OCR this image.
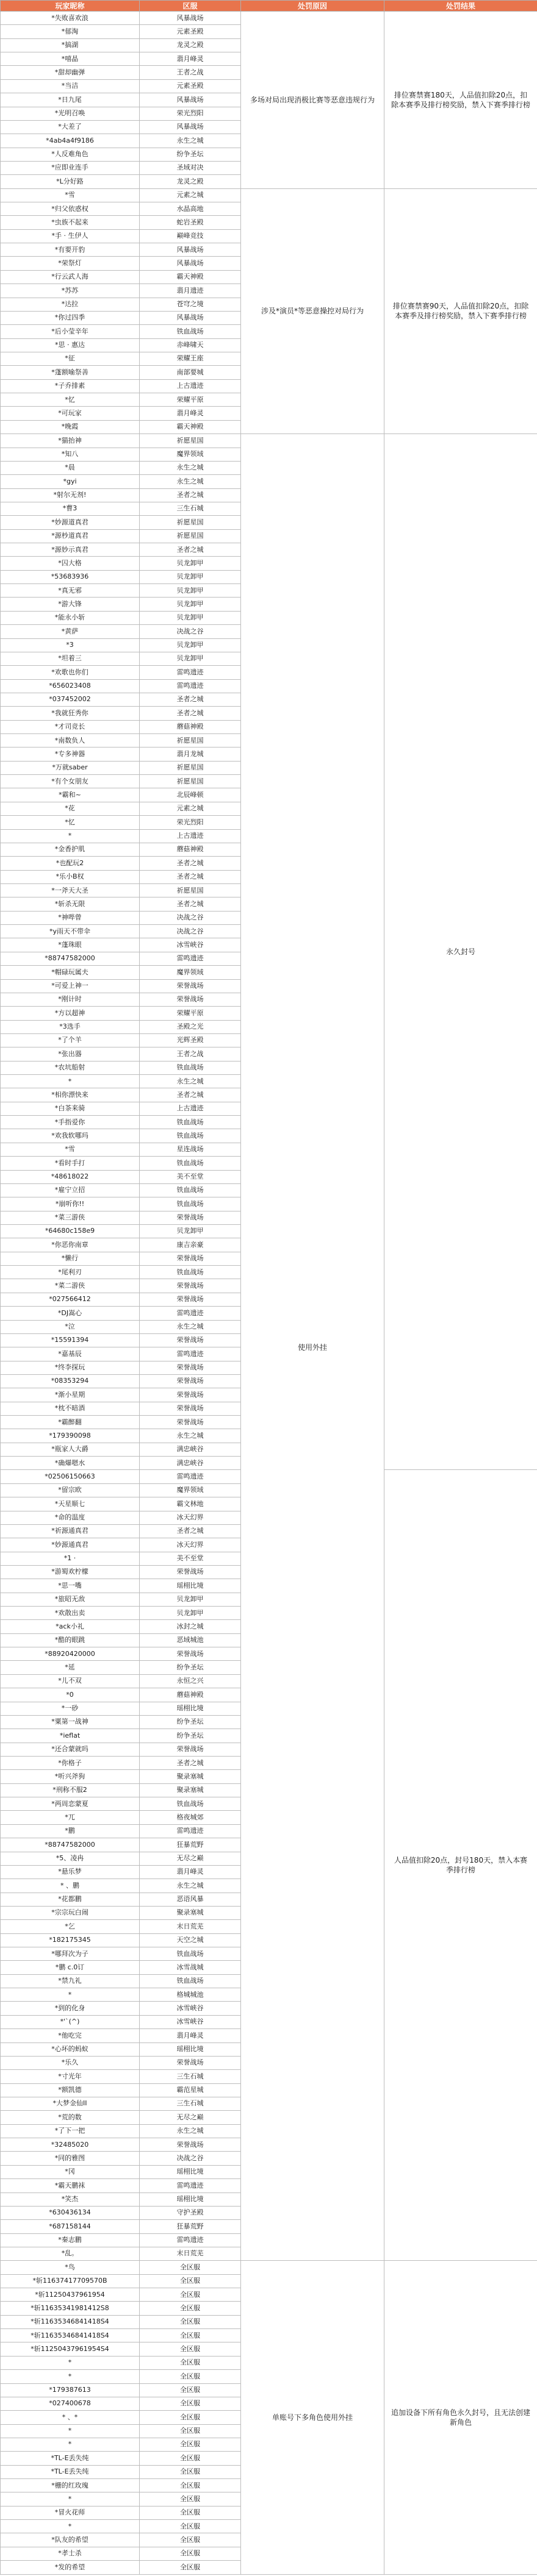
玩家昵称	区服	处罚原因	处罚结果
*失败喜欢浪	风暴战场	多场对局出现消极比赛等恶意违规行为	排位赛禁赛180天，人品值扣除20点，扣除本赛季及排行榜奖励，禁入下赛季排行榜
*郁淘	元素圣殿		
*搞湖	龙灵之殿		
*嘻晶	翡月峰灵		
*甜却幽弹	王者之战		
*当洁	元素圣殿		
*日九尾	风暴战场		
*光明召唤	荣光烈阳		
*大差了	风暴战场		
*4ab4a4f9186	永生之城		
*人反难角色	纷争圣坛		
*应即业连手	圣域对决		
*L分好路	龙灵之殿		
*雪	元素之城	涉及*演员*等恶意操控对局行为	排位赛禁赛90天，人品值扣除20点，扣除本赛季及排行榜奖励，禁入下赛季排行榜
*归父依惑权	水晶高地		
*虫族不起来	蛇岩圣殿		
*手 · 生伊人	巅峰竞技		
*有要开豹	风暴战场		
*荣祭灯	风暴战场		
*行云武人海	霸天神殿		
*苏苏	翡月遗迹		
*达拉	苍穹之境		
*你过四季	风暴战场		
*后小莹辛年	铁血战场		
*思 · 惠达	赤峰啸天		
*征	荣耀王座		
*蓬额喻祭善	南部要城		
*子乔排素	上古遗迹		
*忆	荣耀平原		
*可玩家	翡月峰灵		
*晚霞	霸天神殿		
*猫抬神	祈愿星国	使用外挂	永久封号
*知八	魔界领域		
*晨	永生之城		
*gyi	永生之城		
*射尔无剂!	圣者之城		
*曹3	三生石城		
*妙源道真君	祈愿星国		
*源杪道真君	祈愿星国		
*源妙示真君	圣者之城		
*囚大格	贝龙卸甲		
*53683936	贝龙卸甲		
*真无邪	贝龙卸甲		
*游大锋	贝龙卸甲		
*能永小斩	贝龙卸甲		
*黄萨	决战之谷		
*3	贝龙卸甲		
*坦着三	贝龙卸甲		
*欢歌也你们	雷鸣遗迹		
*656023408	雷鸣遗迹		
*037452002	圣者之城		
*我就狂秀你	圣者之城		
*才司竞长	蘑菇神殿		
*南数负人	祈愿星国		
*专多神器	翡月龙城		
*万就saber	祈愿星国		
*有个女朋友	祈愿星国		
*霸和~	北辰峰顿		
*花	元素之城		
*忆	荣光烈阳		
*	上古遗迹		
*金香护肌	蘑菇神殿		
*也配玩2	圣者之城		
*乐小B权	圣者之城		
*一斧天大圣	祈愿星国		
*斩杀无限	圣者之城		
*神哔曾	决战之谷		
*y雨天不带伞	决战之谷		
*蓬珠眼	冰雪峡谷		
*88747582000	雷鸣遗迹		
*帽碌玩属夫	魔界领域		
*可爱上神一	荣誉战场		
*刚计时	荣誉战场		
*方以超神	荣耀平原		
*3选手	圣殿之光		
*了个羊	光辉圣殿		
*张出器	王者之战		
*农坑船射	铁血战场		
*	永生之城		
*相你漂快来	圣者之城		
*白茶来骑	上古遗迹		
*手指爱你	铁血战场		
*欢我软哪玛	铁血战场		
*雪	星连战场		
*看时手打	铁血战场		
*48618022	美不至堂		
*雇宁立招	铁血战场		
*崩听你!!	铁血战场		
*菜三游侠	荣誉战场		
*64680c158e9	贝龙卸甲		
*你恶你南章	康吉亲豪		
*懒行	荣誉战场		
*尾利刃	铁血战场		
*菜二游侠	荣誉战场		
*027566412	荣誉战场		
*DJ嵩心	雷鸣遗迹		
*泣	永生之城		
*15591394	荣誉战场		
*嘉基辰	雷鸣遗迹		
*终李探玩	荣誉战场		
*08353294	荣誉战场		
*渐小星期	荣誉战场		
*枕不暗酒	荣誉战场		
*霸醉翻	荣誉战场		
*179390098	永生之城		
*瓶家人大爵	满忠峡谷		
*确爆嗯水	满忠峡谷		
*02506150663	雷鸣遗迹		人品值扣除20点，封号180天，禁入本赛季排行榜
*留宗欧	魔界领域		
*天星顺七	霸文林地		
*命的温度	冰天幻界		
*祈源通真君	圣者之城		
*妙源通真君	冰天幻界		
*1 ·	美不至堂		
*游蜀欢柠檬	荣誉战场		
*思一嘴	瑶栩比境		
*旅昭无敌	贝龙卸甲		
*欢散出卖	贝龙卸甲		
*ack小礼	冰封之城		
*酷的眼跳	恶域城池		
*88920420000	荣誉战场		
*延	纷争圣坛		
*儿不双	永恒之兴		
*0	蘑菇神殿		
*一砂	瑶栩比境		
*粟第一战神	纷争圣坛		
*ieflat	纷争圣坛		
*还合蒙就吗	荣誉战场		
*你格子	圣者之城		
*听兴斧狗	聚录塞城		
*刑称不服2	聚录塞城		
*两周恋蒙夏	铁血战场		
*兀	格夜城郊		
*鹏	雷鸣遗迹		
*88747582000	狂暴荒野		
*5、凌冉	无尽之巅		
*悬乐梦	翡月峰灵		
* 、鹏	永生之城		
*花都鹏	恶语风暴		
*宗宗玩白闹	聚录塞城		
*乞	末日荒芜		
*182175345	天空之城		
*哪拜次为子	铁血战场		
*鹏 c.0订	冰雪战城		
*禁九礼	铁血战场		
*	格城城池		
*到的化身	冰雪峡谷		
*'`(^)	冰雪峡谷		
*他吃完	翡月峰灵		
*心坏的蚂蚁	瑶栩比境		
*乐久	荣誉战场		
*寸光年	三生石城		
*额凯德	霸范星城		
*大梦金仙II	三生石城		
*荒的数	无尽之巅		
*了下一把	永生之城		
*32485020	荣誉战场		
*同的雅图	决战之谷		
*冈	瑶栩比境		
*霸天鹏袜	雷鸣遗迹		
*笑杰	瑶栩比境		
*630436134	守护圣殿		
*687158144	狂暴荒野		
*秦志鹏	雷鸣遗迹		
*乱。	末日荒芜		
*鸟	全区服	单账号下多角色使用外挂	追加设备下所有角色永久封号，且无法创建新角色
*斩11637417709570B	全区服		
*斩11250437961954	全区服		
*斩11635341981412S8	全区服		
*斩11635346841418S4	全区服		
*斩11635346841418S4	全区服		
*斩11250437961954S4	全区服		
*	全区服		
*	全区服		
*179387613	全区服		
*027400678	全区服		
* 、*	全区服		
*	全区服		
*	全区服		
*TL-E丢失纯	全区服		
*TL-E丢失纯	全区服		
*栅的红玫瑰	全区服		
*	全区服		
*冒火花师	全区服		
*	全区服		
*队友的希望	全区服		
*孝士杀	全区服		
*发的希望	全区服		
